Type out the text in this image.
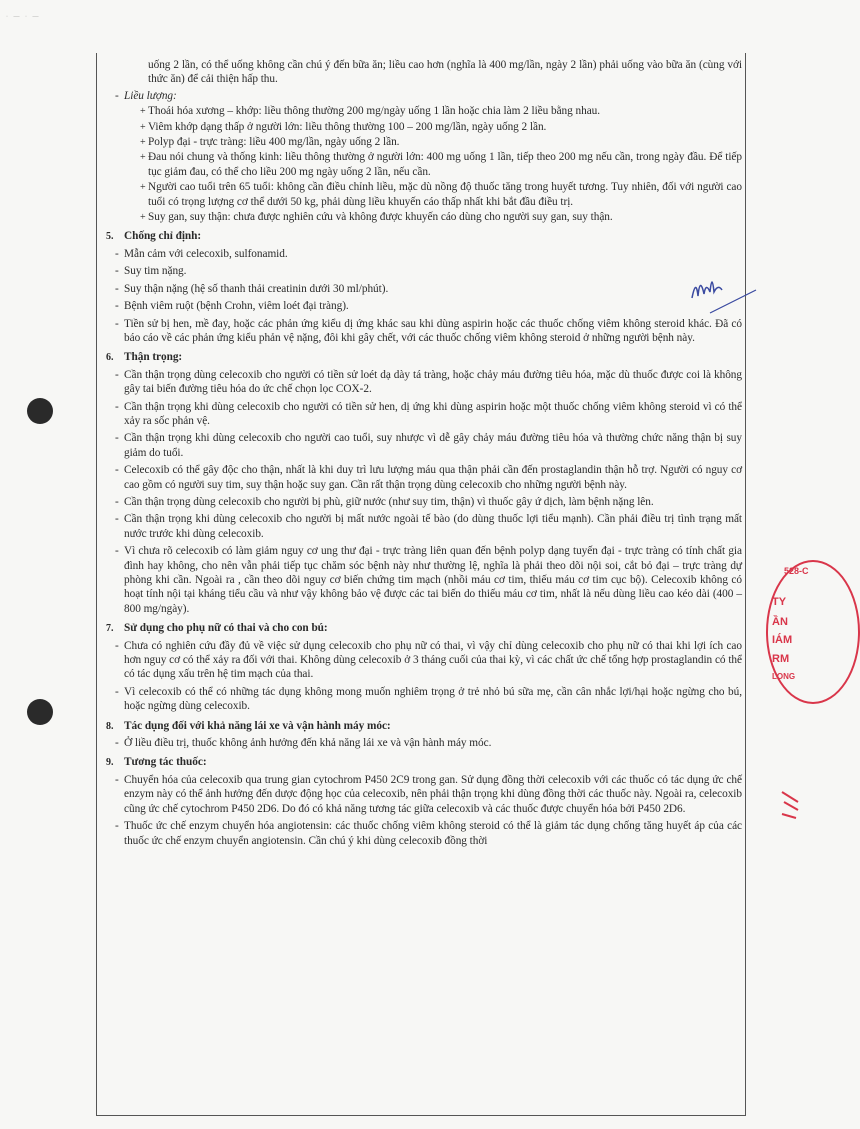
· — · —
528-C
TY
ẦN
IÁM
RM
LONG

uống 2 lần, có thể uống không cần chú ý đến bữa ăn; liều cao hơn (nghĩa là 400 mg/lần, ngày 2 lần) phải uống vào bữa ăn (cùng với thức ăn) để cải thiện hấp thu.

- Liều lượng:
+ Thoái hóa xương – khớp: liều thông thường 200 mg/ngày uống 1 lần hoặc chia làm 2 liều bằng nhau.
+ Viêm khớp dạng thấp ở người lớn: liều thông thường 100 – 200 mg/lần, ngày uống 2 lần.
+ Polyp đại - trực tràng: liều 400 mg/lần, ngày uống 2 lần.
+ Đau nói chung và thống kinh: liều thông thường ở người lớn: 400 mg uống 1 lần, tiếp theo 200 mg nếu cần, trong ngày đầu. Để tiếp tục giảm đau, có thể cho liều 200 mg ngày uống 2 lần, nếu cần.
+ Người cao tuổi trên 65 tuổi: không cần điều chỉnh liều, mặc dù nồng độ thuốc tăng trong huyết tương. Tuy nhiên, đối với người cao tuổi có trọng lượng cơ thể dưới 50 kg, phải dùng liều khuyến cáo thấp nhất khi bắt đầu điều trị.
+ Suy gan, suy thận: chưa được nghiên cứu và không được khuyến cáo dùng cho người suy gan, suy thận.
5. Chống chỉ định:
- Mẫn cảm với celecoxib, sulfonamid.
- Suy tim nặng.
- Suy thận nặng (hệ số thanh thải creatinin dưới 30 ml/phút).
- Bệnh viêm ruột (bệnh Crohn, viêm loét đại tràng).
- Tiền sử bị hen, mề đay, hoặc các phản ứng kiểu dị ứng khác sau khi dùng aspirin hoặc các thuốc chống viêm không steroid khác. Đã có báo cáo về các phản ứng kiểu phản vệ nặng, đôi khi gây chết, với các thuốc chống viêm không steroid ở những người bệnh này.
6. Thận trọng:
- Cần thận trọng dùng celecoxib cho người có tiền sử loét dạ dày tá tràng, hoặc chảy máu đường tiêu hóa, mặc dù thuốc được coi là không gây tai biến đường tiêu hóa do ức chế chọn lọc COX-2.
- Cần thận trọng khi dùng celecoxib cho người có tiền sử hen, dị ứng khi dùng aspirin hoặc một thuốc chống viêm không steroid vì có thể xảy ra sốc phản vệ.
- Cần thận trọng khi dùng celecoxib cho người cao tuổi, suy nhược vì dễ gây chảy máu đường tiêu hóa và thường chức năng thận bị suy giảm do tuổi.
- Celecoxib có thể gây độc cho thận, nhất là khi duy trì lưu lượng máu qua thận phải cần đến prostaglandin thận hỗ trợ. Người có nguy cơ cao gồm có người suy tim, suy thận hoặc suy gan. Cần rất thận trọng dùng celecoxib cho những người bệnh này.
- Cần thận trọng dùng celecoxib cho người bị phù, giữ nước (như suy tim, thận) vì thuốc gây ứ dịch, làm bệnh nặng lên.
- Cần thận trọng khi dùng celecoxib cho người bị mất nước ngoài tế bào (do dùng thuốc lợi tiểu mạnh). Cần phải điều trị tình trạng mất nước trước khi dùng celecoxib.
- Vì chưa rõ celecoxib có làm giảm nguy cơ ung thư đại - trực tràng liên quan đến bệnh polyp dạng tuyến đại - trực tràng có tính chất gia đình hay không, cho nên vẫn phải tiếp tục chăm sóc bệnh này như thường lệ, nghĩa là phải theo dõi nội soi, cắt bỏ đại – trực tràng dự phòng khi cần. Ngoài ra , cần theo dõi nguy cơ biến chứng tim mạch (nhồi máu cơ tim, thiếu máu cơ tim cục bộ). Celecoxib không có hoạt tính nội tại kháng tiểu cầu và như vậy không bảo vệ được các tai biến do thiếu máu cơ tim, nhất là nếu dùng liều cao kéo dài (400 – 800 mg/ngày).
7. Sử dụng cho phụ nữ có thai và cho con bú:
- Chưa có nghiên cứu đầy đủ về việc sử dụng celecoxib cho phụ nữ có thai, vì vậy chỉ dùng celecoxib cho phụ nữ có thai khi lợi ích cao hơn nguy cơ có thể xảy ra đối với thai. Không dùng celecoxib ở 3 tháng cuối của thai kỳ, vì các chất ức chế tổng hợp prostaglandin có thể có tác dụng xấu trên hệ tim mạch của thai.
- Vì celecoxib có thể có những tác dụng không mong muốn nghiêm trọng ở trẻ nhỏ bú sữa mẹ, cần cân nhắc lợi/hại hoặc ngừng cho bú, hoặc ngừng dùng celecoxib.
8. Tác dụng đối với khả năng lái xe và vận hành máy móc:
- Ở liều điều trị, thuốc không ảnh hưởng đến khả năng lái xe và vận hành máy móc.
9. Tương tác thuốc:
- Chuyển hóa của celecoxib qua trung gian cytochrom P450 2C9 trong gan. Sử dụng đồng thời celecoxib với các thuốc có tác dụng ức chế enzym này có thể ảnh hưởng đến dược động học của celecoxib, nên phải thận trọng khi dùng đồng thời các thuốc này. Ngoài ra, celecoxib cũng ức chế cytochrom P450 2D6. Do đó có khả năng tương tác giữa celecoxib và các thuốc được chuyển hóa bởi P450 2D6.
- Thuốc ức chế enzym chuyển hóa angiotensin: các thuốc chống viêm không steroid có thể là giảm tác dụng chống tăng huyết áp của các thuốc ức chế enzym chuyển angiotensin. Cần chú ý khi dùng celecoxib đồng thời
